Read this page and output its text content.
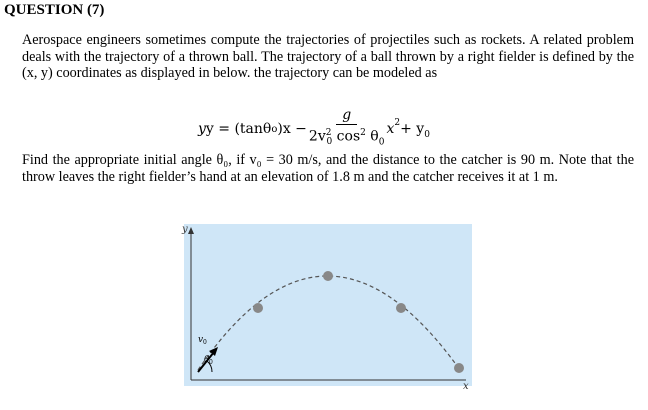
QUESTION (7)

Aerospace engineers sometimes compute the trajectories of projectiles such as rockets. A related problem deals with the trajectory of a thrown ball. The trajectory of a ball thrown by a right fielder is defined by the (x, y) coordinates as displayed in below. the trajectory can be modeled as

y y = (tanθ o )$x - \frac{g}{2v^2_0 \cos^2 \theta_0} x^2 + y_0$

Find the appropriate initial angle θ₀, if v₀ = 30 m/s, and the distance to the catcher is 90 m. Note that the throw leaves the right fielder’s hand at an elevation of 1.8 m and the catcher receives it at 1 m.

y
x
v 0
θ 0
